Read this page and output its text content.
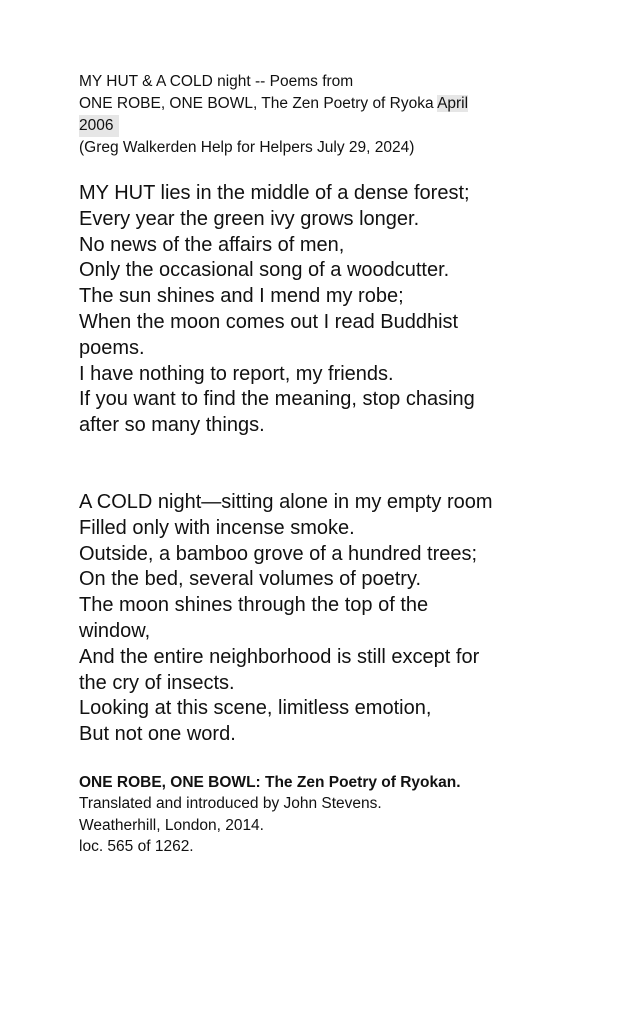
MY HUT & A COLD night -- Poems from
ONE ROBE, ONE BOWL, The Zen Poetry of Ryoka April
2006
(Greg Walkerden Help for Helpers July 29, 2024)
MY HUT lies in the middle of a dense forest;
Every year the green ivy grows longer.
No news of the affairs of men,
Only the occasional song of a woodcutter.
The sun shines and I mend my robe;
When the moon comes out I read Buddhist
poems.
I have nothing to report, my friends.
If you want to find the meaning, stop chasing
after so many things.
A COLD night—sitting alone in my empty room
Filled only with incense smoke.
Outside, a bamboo grove of a hundred trees;
On the bed, several volumes of poetry.
The moon shines through the top of the
window,
And the entire neighborhood is still except for
the cry of insects.
Looking at this scene, limitless emotion,
But not one word.
ONE ROBE, ONE BOWL: The Zen Poetry of Ryokan.
Translated and introduced by John Stevens.
Weatherhill, London, 2014.
loc. 565 of 1262.
